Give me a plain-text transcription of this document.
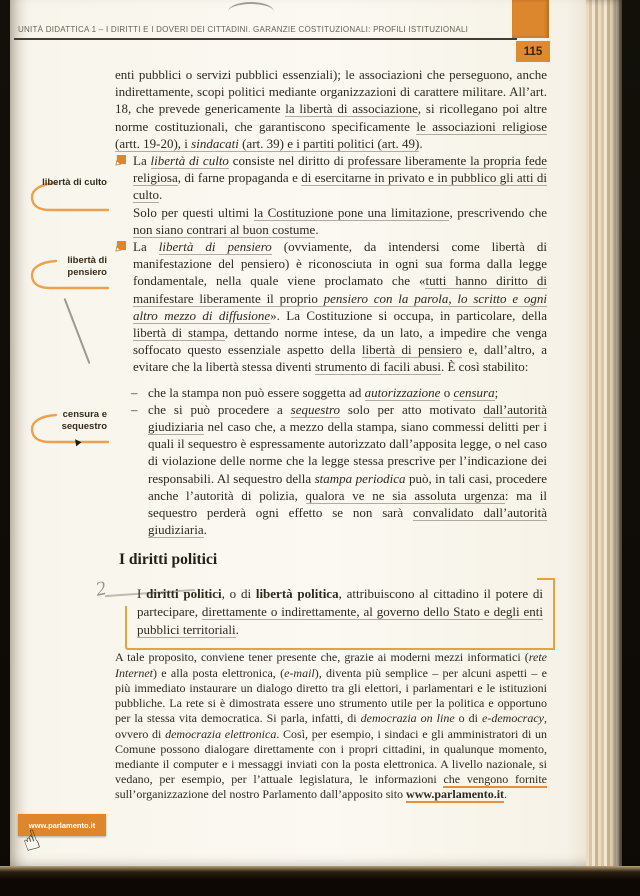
UNITÀ DIDATTICA 1 – I DIRITTI E I DOVERI DEI CITTADINI. GARANZIE COSTITUZIONALI: PROFILI ISTITUZIONALI
115
libertà di culto
libertà di pensiero
censura e sequestro
2

enti pubblici o servizi pubblici essenziali); le associazioni che perseguono, anche indirettamente, scopi politici mediante organizzazioni di carattere militare. All’art. 18, che prevede genericamente la libertà di associazione, si ricollegano poi altre norme costituzionali, che garantiscono specificamente le associazioni religiose (artt. 19-20), i sindacati (art. 39) e i partiti politici (art. 49).

La libertà di culto consiste nel diritto di professare liberamente la propria fede religiosa, di farne propaganda e di esercitarne in privato e in pubblico gli atti di culto.

Solo per questi ultimi la Costituzione pone una limitazione, prescrivendo che non siano contrari al buon costume.

La libertà di pensiero (ovviamente, da intendersi come libertà di manifestazione del pensiero) è riconosciuta in ogni sua forma dalla legge fondamentale, nella quale viene proclamato che «tutti hanno diritto di manifestare liberamente il proprio pensiero con la parola, lo scritto e ogni altro mezzo di diffusione». La Costituzione si occupa, in particolare, della libertà di stampa, dettando norme intese, da un lato, a impedire che venga soffocato questo essenziale aspetto della libertà di pensiero e, dall’altro, a evitare che la libertà stessa diventi strumento di facili abusi. È così stabilito:

– che la stampa non può essere soggetta ad autorizzazione o censura;

– che si può procedere a sequestro solo per atto motivato dall’autorità giudiziaria nel caso che, a mezzo della stampa, siano commessi delitti per i quali il sequestro è espressamente autorizzato dall’apposita legge, o nel caso di violazione delle norme che la legge stessa prescrive per l’indicazione dei responsabili. Al sequestro della stampa periodica può, in tali casi, procedere anche l’autorità di polizia, qualora ve ne sia assoluta urgenza: ma il sequestro perderà ogni effetto se non sarà convalidato dall’autorità giudiziaria.

I diritti politici

I diritti politici, o di libertà politica, attribuiscono al cittadino il potere di partecipare, direttamente o indirettamente, al governo dello Stato e degli enti pubblici territoriali.

A tale proposito, conviene tener presente che, grazie ai moderni mezzi informatici (rete Internet) e alla posta elettronica, (e-mail), diventa più semplice – per alcuni aspetti – e più immediato instaurare un dialogo diretto tra gli elettori, i parlamentari e le istituzioni pubbliche. La rete si è dimostrata essere uno strumento utile per la politica e opportuno per la stessa vita democratica. Si parla, infatti, di democrazia on line o di e-democracy, ovvero di democrazia elettronica. Così, per esempio, i sindaci e gli amministratori di un Comune possono dialogare direttamente con i propri cittadini, in qualunque momento, mediante il computer e i messaggi inviati con la posta elettronica. A livello nazionale, si vedano, per esempio, per l’attuale legislatura, le informazioni che vengono fornite sull’organizzazione del nostro Parlamento dall’apposito sito www.parlamento.it.

www.parlamento.it
☝
